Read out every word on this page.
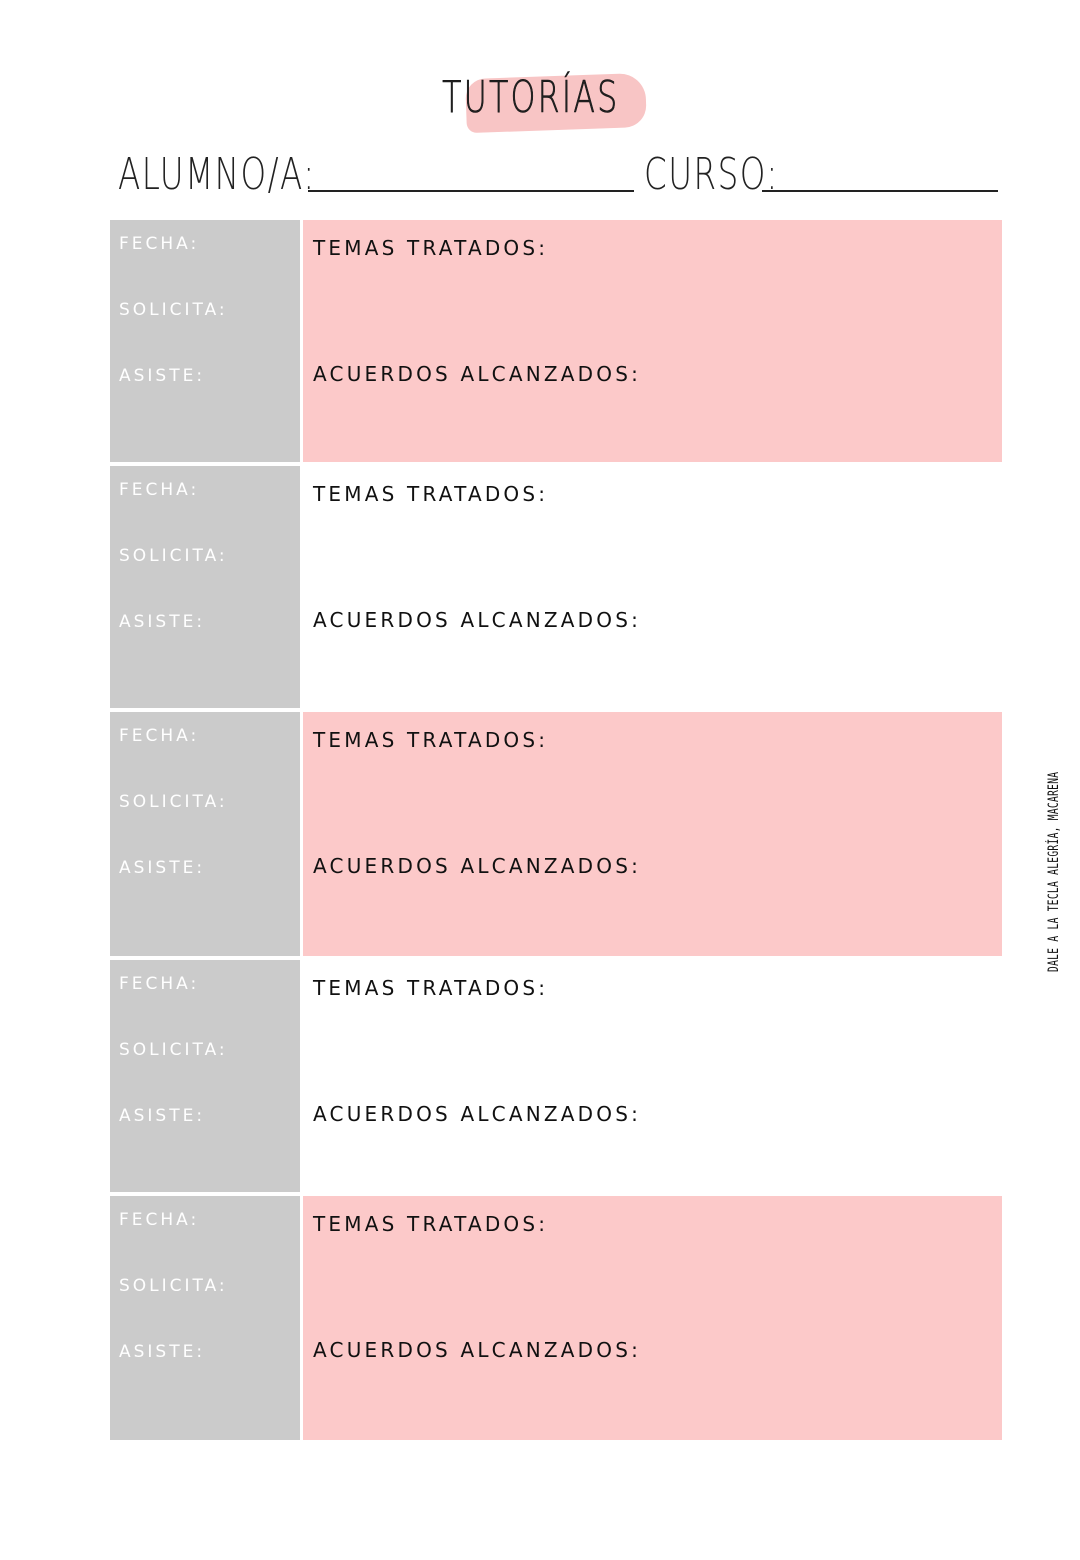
TUTORÍAS
ALUMNO/A:	CURSO:
FECHA:
SOLICITA:
ASISTE:
TEMAS TRATADOS:
ACUERDOS ALCANZADOS:
FECHA:
SOLICITA:
ASISTE:
TEMAS TRATADOS:
ACUERDOS ALCANZADOS:
FECHA:
SOLICITA:
ASISTE:
TEMAS TRATADOS:
ACUERDOS ALCANZADOS:
FECHA:
SOLICITA:
ASISTE:
TEMAS TRATADOS:
ACUERDOS ALCANZADOS:
FECHA:
SOLICITA:
ASISTE:
TEMAS TRATADOS:
ACUERDOS ALCANZADOS:
DALE A LA TECLA ALEGRÍA, MACARENA
